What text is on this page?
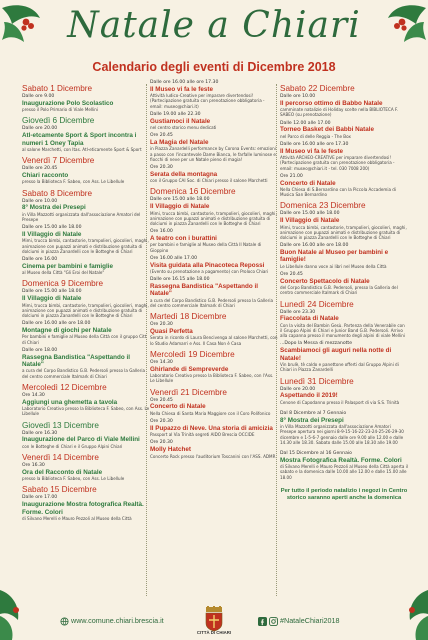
Natale a Chiari
Calendario degli eventi di Dicembre 2018
Sabato 1 Dicembre
Dalle ore 9.00
Inaugurazione Polo Scolastico
presso il Polo Primario di Viale Mellini
Giovedì 6 Dicembre
Dalle ore 20.00
Atl-etcamente Sport & Sport incontra i numeri 1 Oney Tapia
al salone Marchetti, con Itas. Atl-eticamente Sport & Sport
Venerdì 7 Dicembre
Dalle ore 20.45
Chiari racconto
presso la Biblioteca F. Sabeo, con Ass. Le Libellule
Sabato 8 Dicembre
Dalle ore 10.00
8° Mostra dei Presepi
in Villa Mazzotti organizzata dall'associazione Amatori del Presepe
Dalle ore 15.00 alle 18.00
Il Villaggio di Natale
Mimi, trucca bimbi, cantastorie, trampolieri, giocolieri, maghi, animazione con pupazzi animati e distribuzione gratuita di dolciumi in piazza Zanardelli con le Botteghe di Chiari
Dalle ore 16.00
Cinema per bambini e famiglie
al Museo della Città "Gli Eroi del Natale"
Domenica 9 Dicembre
Dalle ore 15.00 alle 18.00
Il Villaggio di Natale
Mimi, trucca bimbi, cantastorie, trampolieri, giocolieri, maghi, animazione con pupazzi animati e distribuzione gratuita di dolciumi in piazza Zanardelli con le Botteghe di Chiari
Dalle ore 16.00 alle ore 18.00
Montagne di giochi per Natale
Per bambini e famiglie al Museo della Città con il gruppo Citt di Chiari
Dalle ore 18.00
Rassegna Bandistica "Aspettando il Natale"
a cura del Corpo Bandistico G.B. Pedersoli presso la Galleria del centro commerciale Italmark di Chiari
Mercoledì 12 Dicembre
Ore 14.30
Aggiungi una ghemetta a tavola
Laboratorio Creativo presso la Biblioteca F. Sabeo, con Ass. Le Libellule
Giovedì 13 Dicembre
Dalle ore 16.30
Inaugurazione del Parco di Viale Mellini
con le Botteghe di Chiari e il Gruppo Alpini Chiari
Venerdì 14 Dicembre
Ore 16.30
Ora del Racconto di Natale
presso la Biblioteca F. Sabeo, con Ass. Le Libellule
Sabato 15 Dicembre
Dalle ore 17.00
Inaugurazione Mostra fotografica Realtà. Forme. Colori
di Silvano Merelli e Mauro Pezzoli al Museo della Città
Dalle ore 16.00 alle ore 17.30
Il Museo vi fa le feste
Attività ludico-Creative per imparare divertendosi! (Partecipazione gratuita con prenotazione obbligatoria - email: museo@chiari.it)
Dalle 19.00 alle 22.30
Gustiamoci il Natale
nel centro storico menu dedicati
Ore 20.45
La Magia del Natale
in Piazza Zanardelli performance by Corona Events: emozioni a passo con l'incantevole Dame Bianca, le farfalle luminose e fiocchi di neve per un Natale pieno di magia!
Ore 20.30
Serata della montagna
con il Gruppo CAI Soc. di Chiari presso il salone Marchetti
Domenica 16 Dicembre
Dalle ore 15.00 alle 18.00
Il Villaggio di Natale
Mimi, trucca bimbi, cantastorie, trampolieri, giocolieri, maghi, animazione con pupazzi animati e distribuzione gratuita di dolciumi in piazza Zanardelli con le Botteghe di Chiari
Ore 16.00
A teatro con i burattini
per bambini e famiglie al Museo della Città Il Natale di Gioppino
Ore 16.00 alle 17.00
Visita guidata alla Pinacoteca Repossi
(Evento su prenotazione a pagamento) con Proloco Chiari
Dalle ore 16.15 alle 18.00
Rassegna Bandistica "Aspettando il Natale"
a cura del Corpo Bandistico G.B. Pedersoli presso la Galleria del centro commerciale Italmark di Chiari
Martedì 18 Dicembre
Ore 20.30
Quasi Perfetta
Serata in ricordo di Laura Bencivenga al salone Marchetti, con lo Studio Adamarri e Ass. Il Casa Non è Casa
Mercoledì 19 Dicembre
Ore 14.30
Ghirlande di Sempreverde
Laboratorio Creativo presso la Biblioteca F. Sabeo, con l'Ass. Le Libellule
Venerdì 21 Dicembre
Ore 20.45
Concerto di Natale
Nella Chiesa di Santa Maria Maggiore con il Coro Polifonico
Ore 20.30
Il Pupazzo di Neve. Una storia di amicizia
Passport al Via Trinità segreti AIDO Brescia OCCIDE
Ore 20.30
Molly Hatchet
Concerto Rock presso l'auditorium Toscanini con l'ASS. ADMR
Sabato 22 Dicembre
Dalle ore 10.00
Il percorso ottimo di Babbo Natale
camminate natalizie di Holiday scelte nella BIBLIOTECA F. SABEO (su prenotazione)
Dalle 12.00 alle 17.00
Torneo Basket dei Babbi Natale
nel Parco di delle Reggia - The Box
Dalle ore 16.00 alle ore 17.30
Il Museo vi fa le feste
Attività ARCHEO-CREATIVE per imparare divertendosi! (Partecipazione gratuita con prenotazione obbligatoria - email: museo@chiari.it - tel. 030 7008 200)
Ore 21.00
Concerto di Natale
Nella Chiesa di S.Bernardino con la Piccola Accademia di Musica San Bernardino
Domenica 23 Dicembre
Dalle ore 15.00 alle 18.00
Il Villaggio di Natale
Mimi, trucca bimbi, cantastorie, trampolieri, giocolieri, maghi, animazione con pupazzi animati e distribuzione gratuita di dolciumi in piazza Zanardelli con le Botteghe di Chiari
Dalle ore 16.00 alle ore 18.00
Buon Natale al Museo per bambini e famiglie!
Le Libellule danno voce ai libri nel Museo della Città
Ore 20.45
Concerto Spettacolo di Natale
del Corpo Bandistico G.B. Pedersoli, presso la Galleria del centro commerciale Italmark di Chiari
Lunedì 24 Dicembre
Dalle ore 23.30
Fiaccolata di Natale
Con la visita del Bambin Gesù. Partenza della Venerabile con il Gruppo Alpini di Chiari e Junior Band G.B. Pedersoli. Arrivo alla capanna presso il monumento degli alpini di viale Mellini
...Dopo la Messa di mezzanotte
Scambiamoci gli auguri nella notte di Natale!
Vin brulè, tè caldo e panettone offerti dal Gruppo Alpini di Chiari in Piazza Zanardelli
Lunedì 31 Dicembre
Dalle ore 20.00
Aspettando il 2019!
Cenone di Capodanno presso il Palasport di via S.S. Trinità
Dal 8 Dicembre al 7 Gennaio
8° Mostra dei Presepi
in Villa Mazzotti organizzata dall'associazione Amatori Presepe apertura nei giorni 8-9-15-16-22-23-24-25-26-29-30 dicembre e 1-5-6-7 gennaio dalle ore 9.00 alle 12.00 e dalle 14.30 alle 18.30. Sabato dalle 15.00 alle 18.30 alle 19.00
Dal 15 Dicembre al 16 Gennaio
Mostra Fotografica Realtà. Forme. Colori
di Silvano Merelli e Mauro Pezzoli al Museo della Città aperta il sabato e la domenica dalle 10.00 alle 12.00 e dalle 15.00 alle 18.00
Per tutto il periodo natalizio i negozi in Centro storico saranno aperti anche la domenica
www.comune.chiari.brescia.it
CITTÀ DI CHIARI
#NataleChiari2018
